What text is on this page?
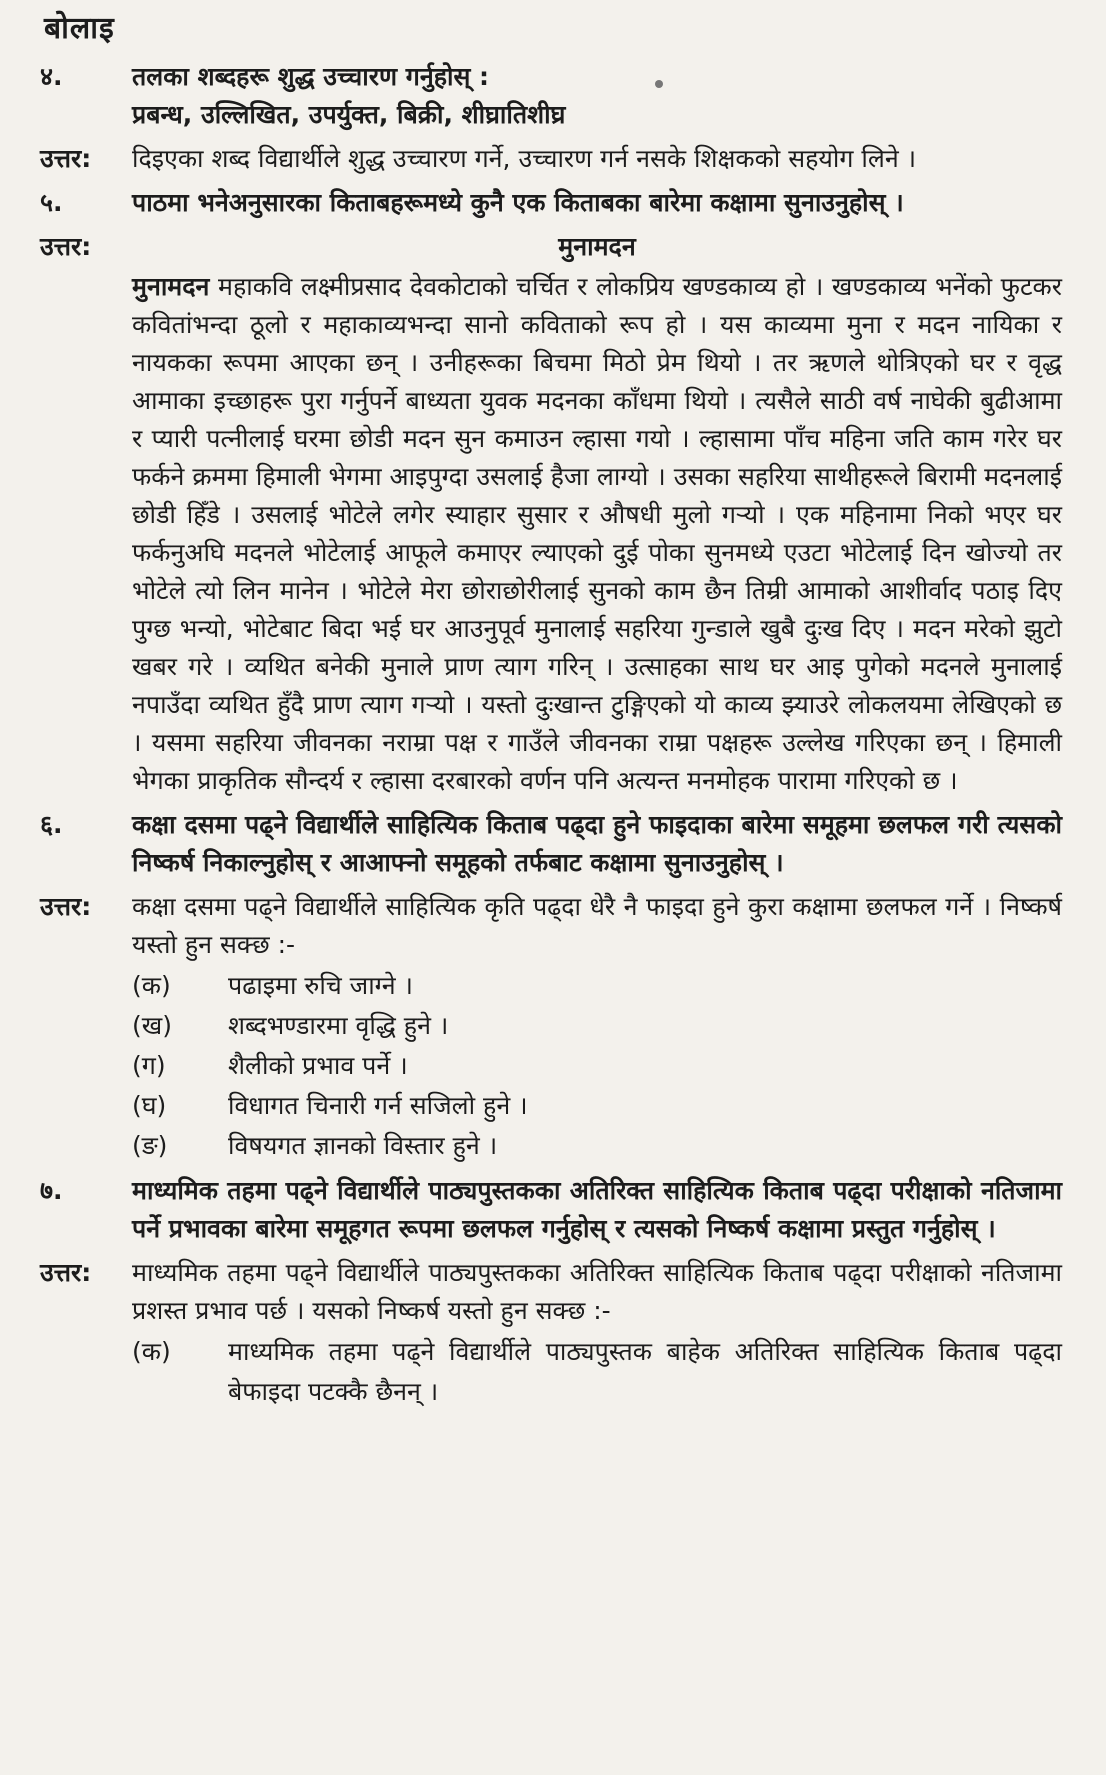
बोलाइ
४.	तलका शब्दहरू शुद्ध उच्चारण गर्नुहोस् :
प्रबन्ध, उल्लिखित, उपर्युक्त, बिक्री, शीघ्रातिशीघ्र
उत्तर:	दिइएका शब्द विद्यार्थीले शुद्ध उच्चारण गर्ने, उच्चारण गर्न नसके शिक्षकको सहयोग लिने ।
५.	पाठमा भनेअनुसारका किताबहरूमध्ये कुनै एक किताबका बारेमा कक्षामा सुनाउनुहोस् ।
उत्तर:	मुनामदन
मुनामदन महाकवि लक्ष्मीप्रसाद देवकोटाको चर्चित र लोकप्रिय खण्डकाव्य हो । खण्डकाव्य भनेंको फुटकर कवितांभन्दा ठूलो र महाकाव्यभन्दा सानो कविताको रूप हो । यस काव्यमा मुना र मदन नायिका र नायकका रूपमा आएका छन् । उनीहरूका बिचमा मिठो प्रेम थियो । तर ऋणले थोत्रिएको घर र वृद्ध आमाका इच्छाहरू पुरा गर्नुपर्ने बाध्यता युवक मदनका काँधमा थियो । त्यसैले साठी वर्ष नाघेकी बुढीआमा र प्यारी पत्नीलाई घरमा छोडी मदन सुन कमाउन ल्हासा गयो । ल्हासामा पाँच महिना जति काम गरेर घर फर्कने क्रममा हिमाली भेगमा आइपुग्दा उसलाई हैजा लाग्यो । उसका सहरिया साथीहरूले बिरामी मदनलाई छोडी हिँडे । उसलाई भोटेले लगेर स्याहार सुसार र औषधी मुलो गऱ्यो । एक महिनामा निको भएर घर फर्कनुअघि मदनले भोटेलाई आफूले कमाएर ल्याएको दुई पोका सुनमध्ये एउटा भोटेलाई दिन खोज्यो तर भोटेले त्यो लिन मानेन । भोटेले मेरा छोराछोरीलाई सुनको काम छैन तिम्री आमाको आशीर्वाद पठाइ दिए पुग्छ भन्यो, भोटेबाट बिदा भई घर आउनुपूर्व मुनालाई सहरिया गुन्डाले खुबै दुःख दिए । मदन मरेको झुटो खबर गरे । व्यथित बनेकी मुनाले प्राण त्याग गरिन् । उत्साहका साथ घर आइ पुगेको मदनले मुनालाई नपाउँदा व्यथित हुँदै प्राण त्याग गऱ्यो । यस्तो दुःखान्त टुङ्गिएको यो काव्य झ्याउरे लोकलयमा लेखिएको छ । यसमा सहरिया जीवनका नराम्रा पक्ष र गाउँले जीवनका राम्रा पक्षहरू उल्लेख गरिएका छन् । हिमाली भेगका प्राकृतिक सौन्दर्य र ल्हासा दरबारको वर्णन पनि अत्यन्त मनमोहक पारामा गरिएको छ ।
६.	कक्षा दसमा पढ्ने विद्यार्थीले साहित्यिक किताब पढ्दा हुने फाइदाका बारेमा समूहमा छलफल गरी त्यसको निष्कर्ष निकाल्नुहोस् र आआफ्नो समूहको तर्फबाट कक्षामा सुनाउनुहोस् ।
उत्तर:	कक्षा दसमा पढ्ने विद्यार्थीले साहित्यिक कृति पढ्दा धेरै नै फाइदा हुने कुरा कक्षामा छलफल गर्ने । निष्कर्ष यस्तो हुन सक्छ :-
(क)	पढाइमा रुचि जाग्ने ।
(ख)	शब्दभण्डारमा वृद्धि हुने ।
(ग)	शैलीको प्रभाव पर्ने ।
(घ)	विधागत चिनारी गर्न सजिलो हुने ।
(ङ)	विषयगत ज्ञानको विस्तार हुने ।
७.	माध्यमिक तहमा पढ्ने विद्यार्थीले पाठ्यपुस्तकका अतिरिक्त साहित्यिक किताब पढ्दा परीक्षाको नतिजामा पर्ने प्रभावका बारेमा समूहगत रूपमा छलफल गर्नुहोस् र त्यसको निष्कर्ष कक्षामा प्रस्तुत गर्नुहोस् ।
उत्तर:	माध्यमिक तहमा पढ्ने विद्यार्थीले पाठ्यपुस्तकका अतिरिक्त साहित्यिक किताब पढ्दा परीक्षाको नतिजामा प्रशस्त प्रभाव पर्छ । यसको निष्कर्ष यस्तो हुन सक्छ :-
(क)	माध्यमिक तहमा पढ्ने विद्यार्थीले पाठ्यपुस्तक बाहेक अतिरिक्त साहित्यिक किताब पढ्दा बेफाइदा पटक्कै छैनन् ।
